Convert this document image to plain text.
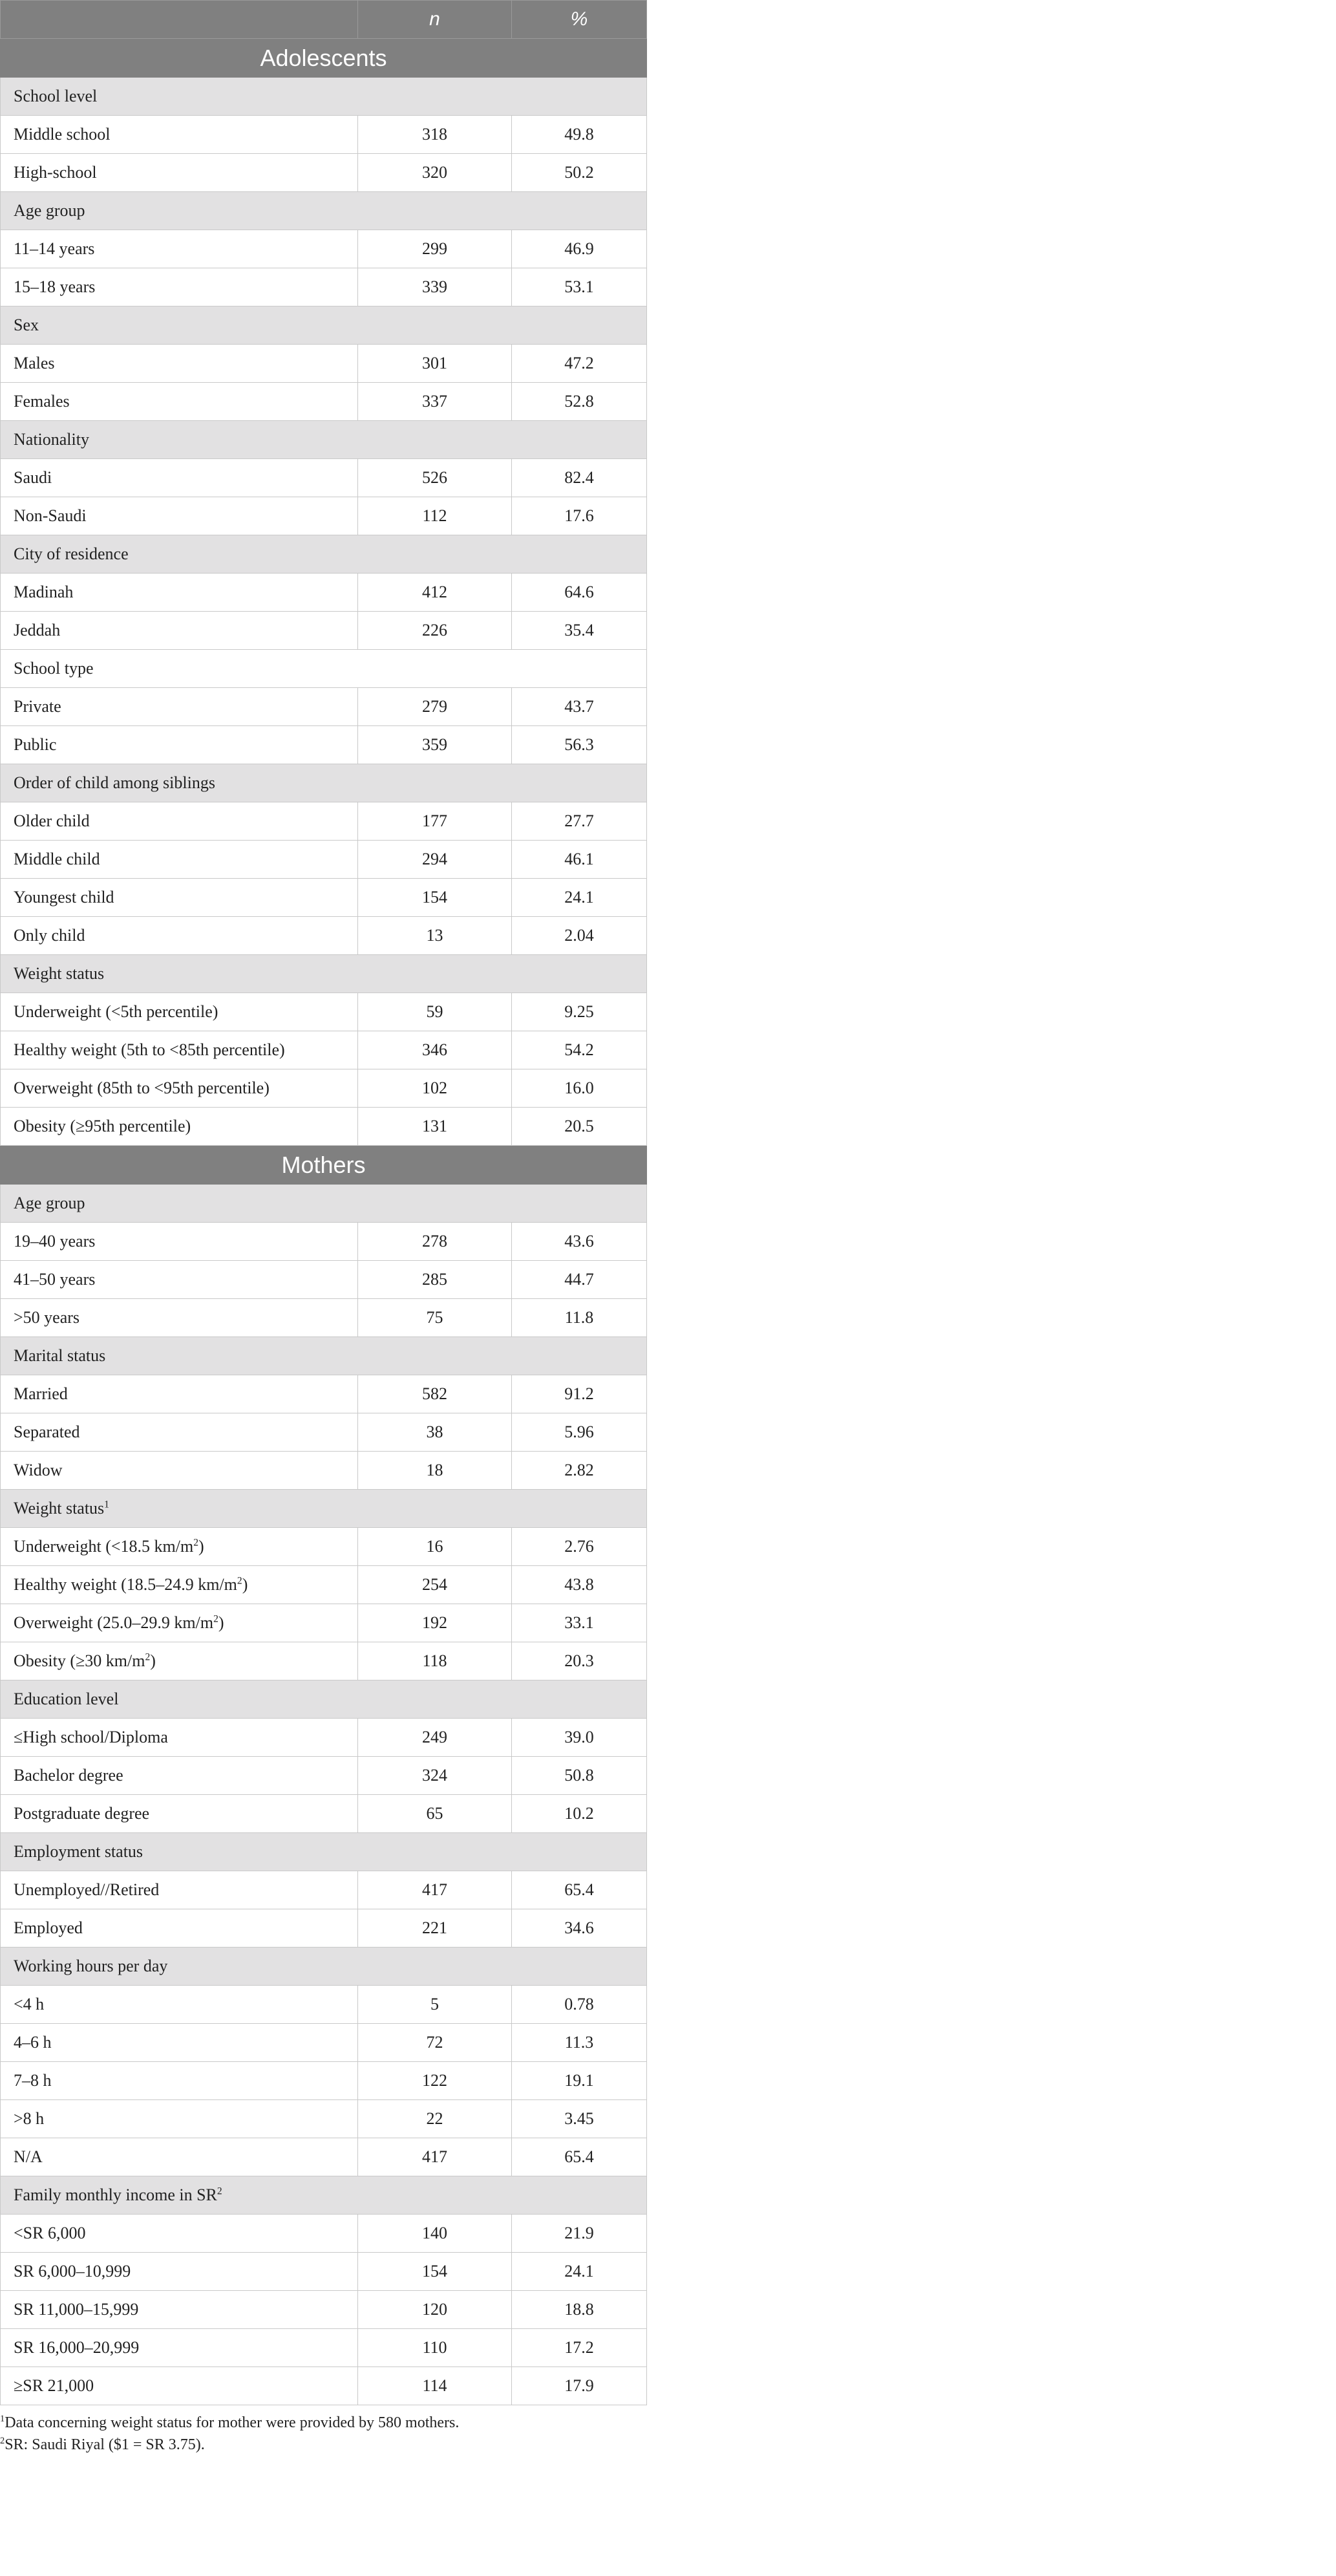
	n	%
Adolescents		
School level		
Middle school	318	49.8
High-school	320	50.2
Age group		
11–14 years	299	46.9
15–18 years	339	53.1
Sex		
Males	301	47.2
Females	337	52.8
Nationality		
Saudi	526	82.4
Non-Saudi	112	17.6
City of residence		
Madinah	412	64.6
Jeddah	226	35.4
School type		
Private	279	43.7
Public	359	56.3
Order of child among siblings		
Older child	177	27.7
Middle child	294	46.1
Youngest child	154	24.1
Only child	13	2.04
Weight status		
Underweight (<5th percentile)	59	9.25
Healthy weight (5th to <85th percentile)	346	54.2
Overweight (85th to <95th percentile)	102	16.0
Obesity (≥95th percentile)	131	20.5
Mothers		
Age group		
19–40 years	278	43.6
41–50 years	285	44.7
>50 years	75	11.8
Marital status		
Married	582	91.2
Separated	38	5.96
Widow	18	2.82
Weight status$^1$
Underweight (<18.5 $km/m^2$)	16	2.76
Healthy weight (18.5–24.9 $km/m^2$)	254	43.8
Overweight (25.0–29.9 $km/m^2$)	192	33.1
Obesity (≥30 $km/m^2$)	118	20.3
Education level		
≤High school/Diploma	249	39.0
Bachelor degree	324	50.8
Postgraduate degree	65	10.2
Employment status		
Unemployed//Retired	417	65.4
Employed	221	34.6
Working hours per day		
<4 h	5	0.78
4–6 h	72	11.3
7–8 h	122	19.1
>8 h	22	3.45
N/A	417	65.4
Family monthly income in $SR^2$
<SR 6,000	140	21.9
SR 6,000–10,999	154	24.1
SR 11,000–15,999	120	18.8
SR 16,000–20,999	110	17.2
≥SR 21,000	114	17.9
$^1$Data concerning weight status for mother were provided by 580 mothers.
$^2$SR: Saudi Riyal ($1 = SR 3.75).
